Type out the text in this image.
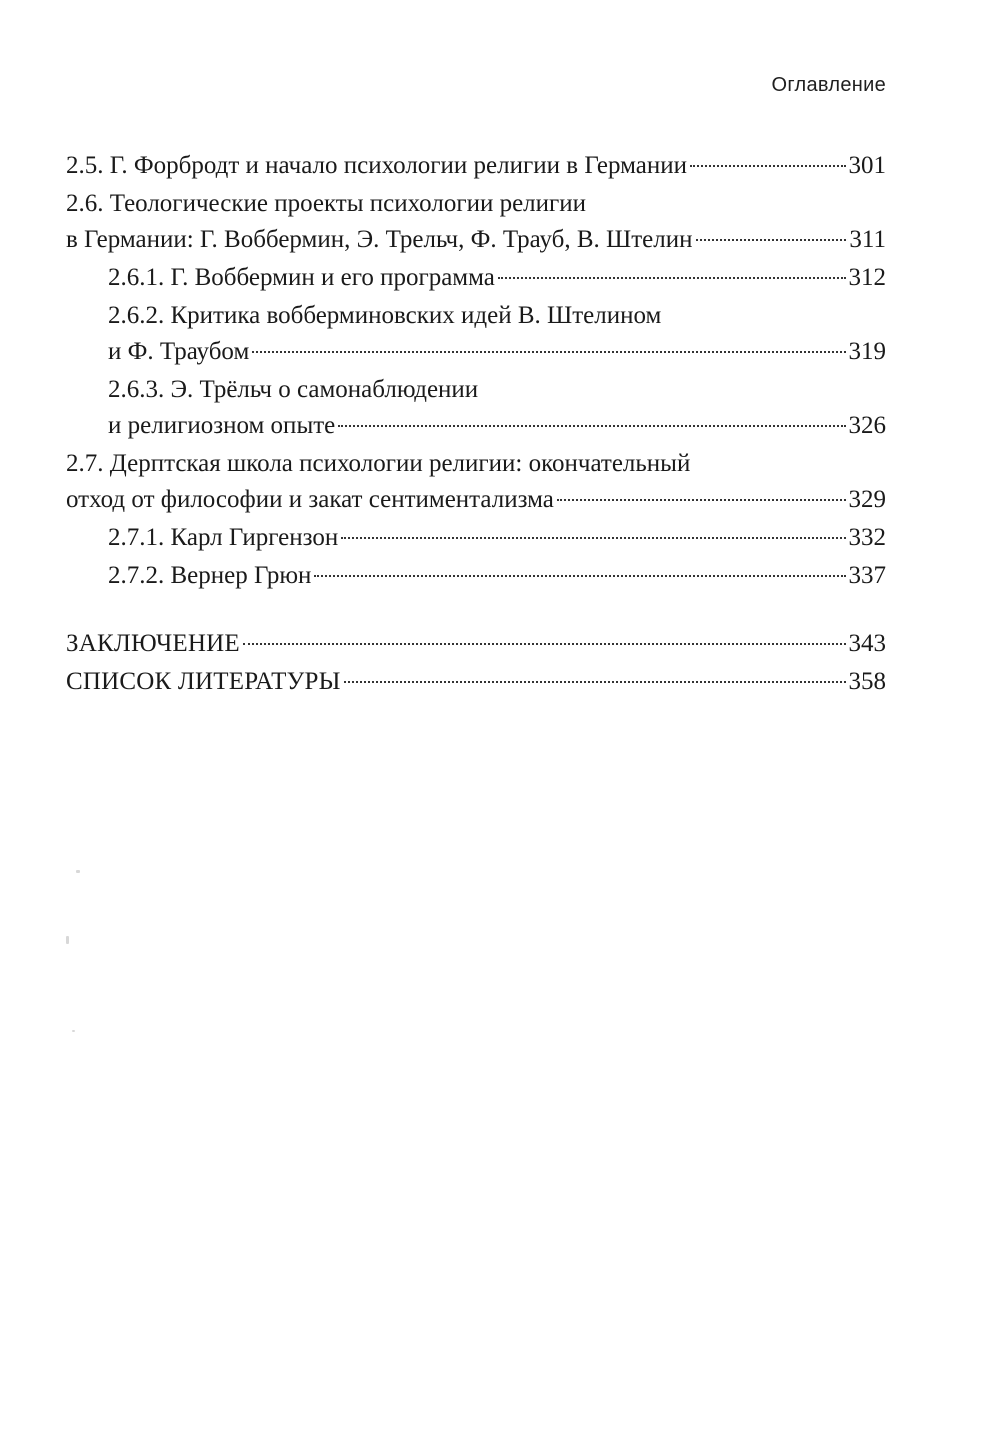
Оглавление
2.5. Г. Форбродт и начало психологии религии в Германии	301
2.6. Теологические проекты психологии религии
в Германии: Г. Воббермин, Э. Трельч, Ф. Трауб, В. Штелин	311
2.6.1. Г. Воббермин и его программа	312
2.6.2. Критика вобберминовских идей В. Штелином
и Ф. Траубом	319
2.6.3. Э. Трёльч о самонаблюдении
и религиозном опыте	326
2.7. Дерптская школа психологии религии: окончательный
отход от философии и закат сентиментализма	329
2.7.1. Карл Гиргензон	332
2.7.2. Вернер Грюн	337
ЗАКЛЮЧЕНИЕ	343
СПИСОК ЛИТЕРАТУРЫ	358
